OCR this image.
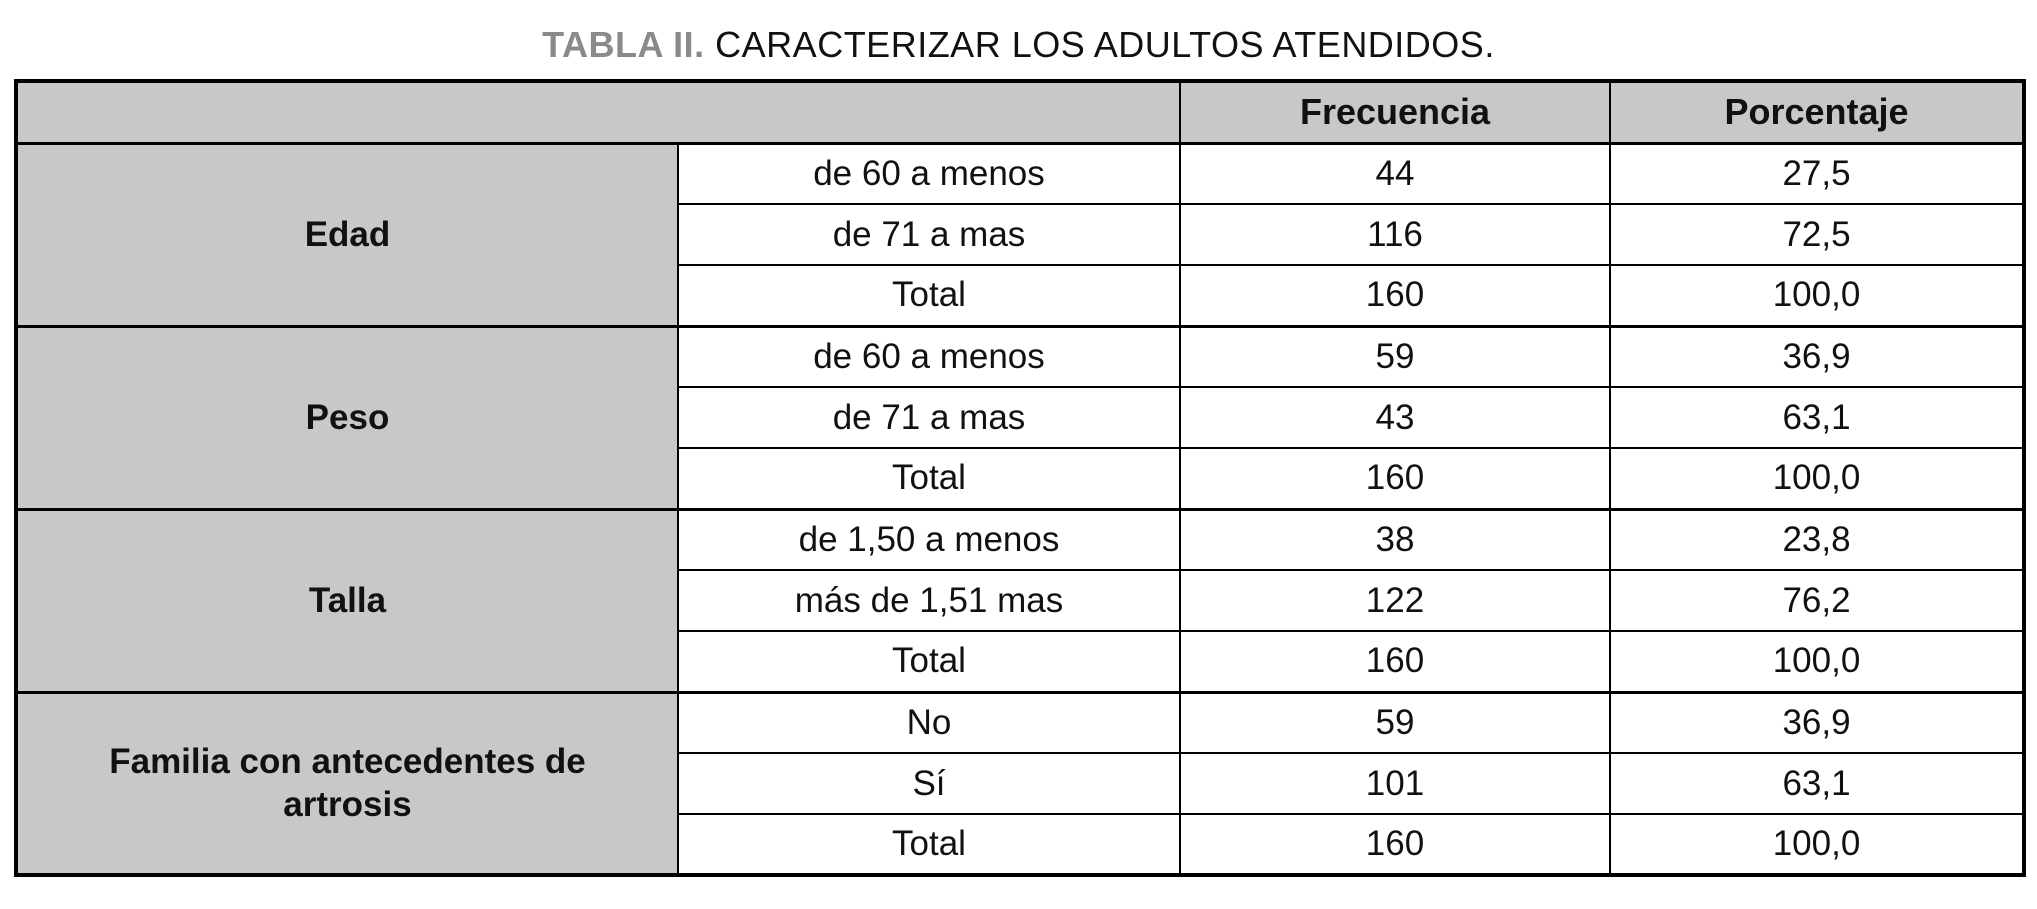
TABLA II. CARACTERIZAR LOS ADULTOS ATENDIDOS.
		Frecuencia	Porcentaje

Edad	de 60 a menos	44	27,5
	de 71 a mas	116	72,5
	Total	160	100,0

Peso	de 60 a menos	59	36,9
	de 71 a mas	43	63,1
	Total	160	100,0

Talla	de 1,50 a menos	38	23,8
	más de 1,51 mas	122	76,2
	Total	160	100,0

Familia con antecedentes de artrosis	No	59	36,9
	Sí	101	63,1
	Total	160	100,0
